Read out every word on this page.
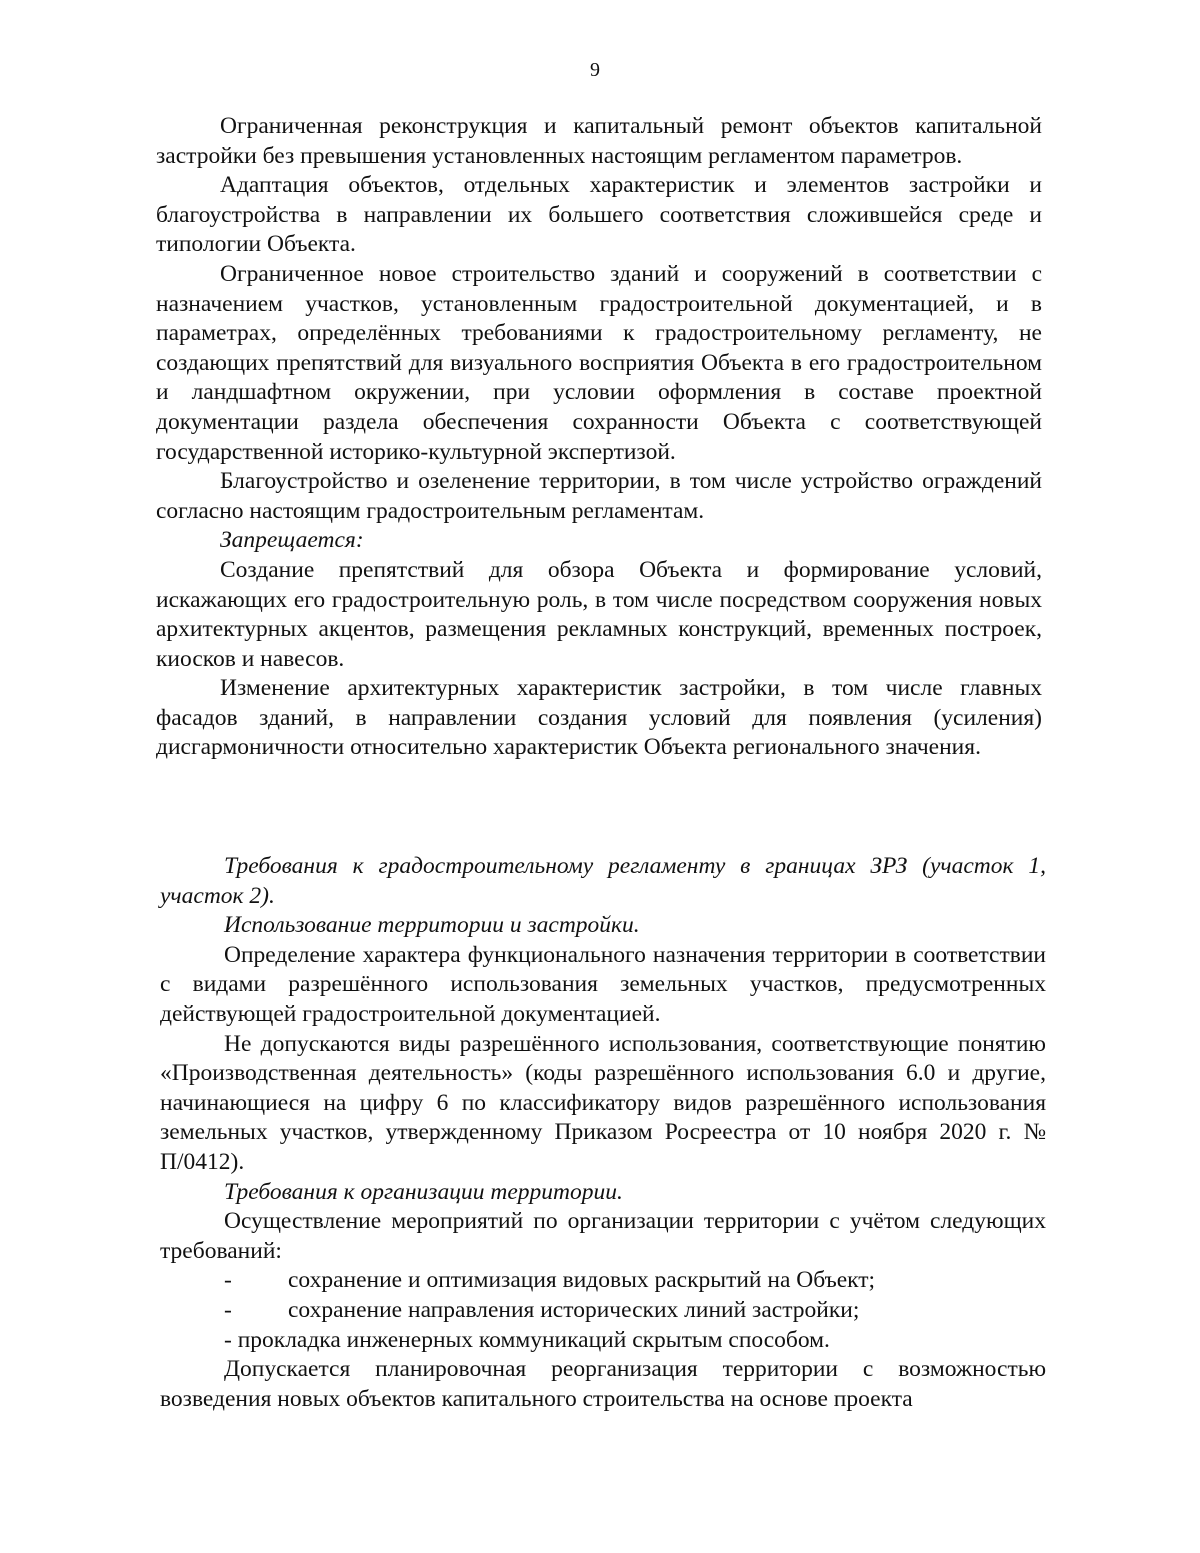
9

Ограниченная реконструкция и капитальный ремонт объектов капитальной застройки без превышения установленных настоящим регламентом параметров.

Адаптация объектов, отдельных характеристик и элементов застройки и благоустройства в направлении их большего соответствия сложившейся среде и типологии Объекта.

Ограниченное новое строительство зданий и сооружений в соответствии с назначением участков, установленным градостроительной документацией, и в параметрах, определённых требованиями к градостроительному регламенту, не создающих препятствий для визуального восприятия Объекта в его градостроительном и ландшафтном окружении, при условии оформления в составе проектной документации раздела обеспечения сохранности Объекта с соответствующей государственной историко-культурной экспертизой.

Благоустройство и озеленение территории, в том числе устройство ограждений согласно настоящим градостроительным регламентам.

Запрещается:

Создание препятствий для обзора Объекта и формирование условий, искажающих его градостроительную роль, в том числе посредством сооружения новых архитектурных акцентов, размещения рекламных конструкций, временных построек, киосков и навесов.

Изменение архитектурных характеристик застройки, в том числе главных фасадов зданий, в направлении создания условий для появления (усиления) дисгармоничности относительно характеристик Объекта регионального значения.

Требования к градостроительному регламенту в границах ЗРЗ (участок 1, участок 2).

Использование территории и застройки.

Определение характера функционального назначения территории в соответствии с видами разрешённого использования земельных участков, предусмотренных действующей градостроительной документацией.

Не допускаются виды разрешённого использования, соответствующие понятию «Производственная деятельность» (коды разрешённого использования 6.0 и другие, начинающиеся на цифру 6 по классификатору видов разрешённого использования земельных участков, утвержденному Приказом Росреестра от 10 ноября 2020 г. № П/0412).

Требования к организации территории.

Осуществление мероприятий по организации территории с учётом следующих требований:

- сохранение и оптимизация видовых раскрытий на Объект;

- сохранение направления исторических линий застройки;

- прокладка инженерных коммуникаций скрытым способом.

Допускается планировочная реорганизация территории с возможностью возведения новых объектов капитального строительства на основе проекта
